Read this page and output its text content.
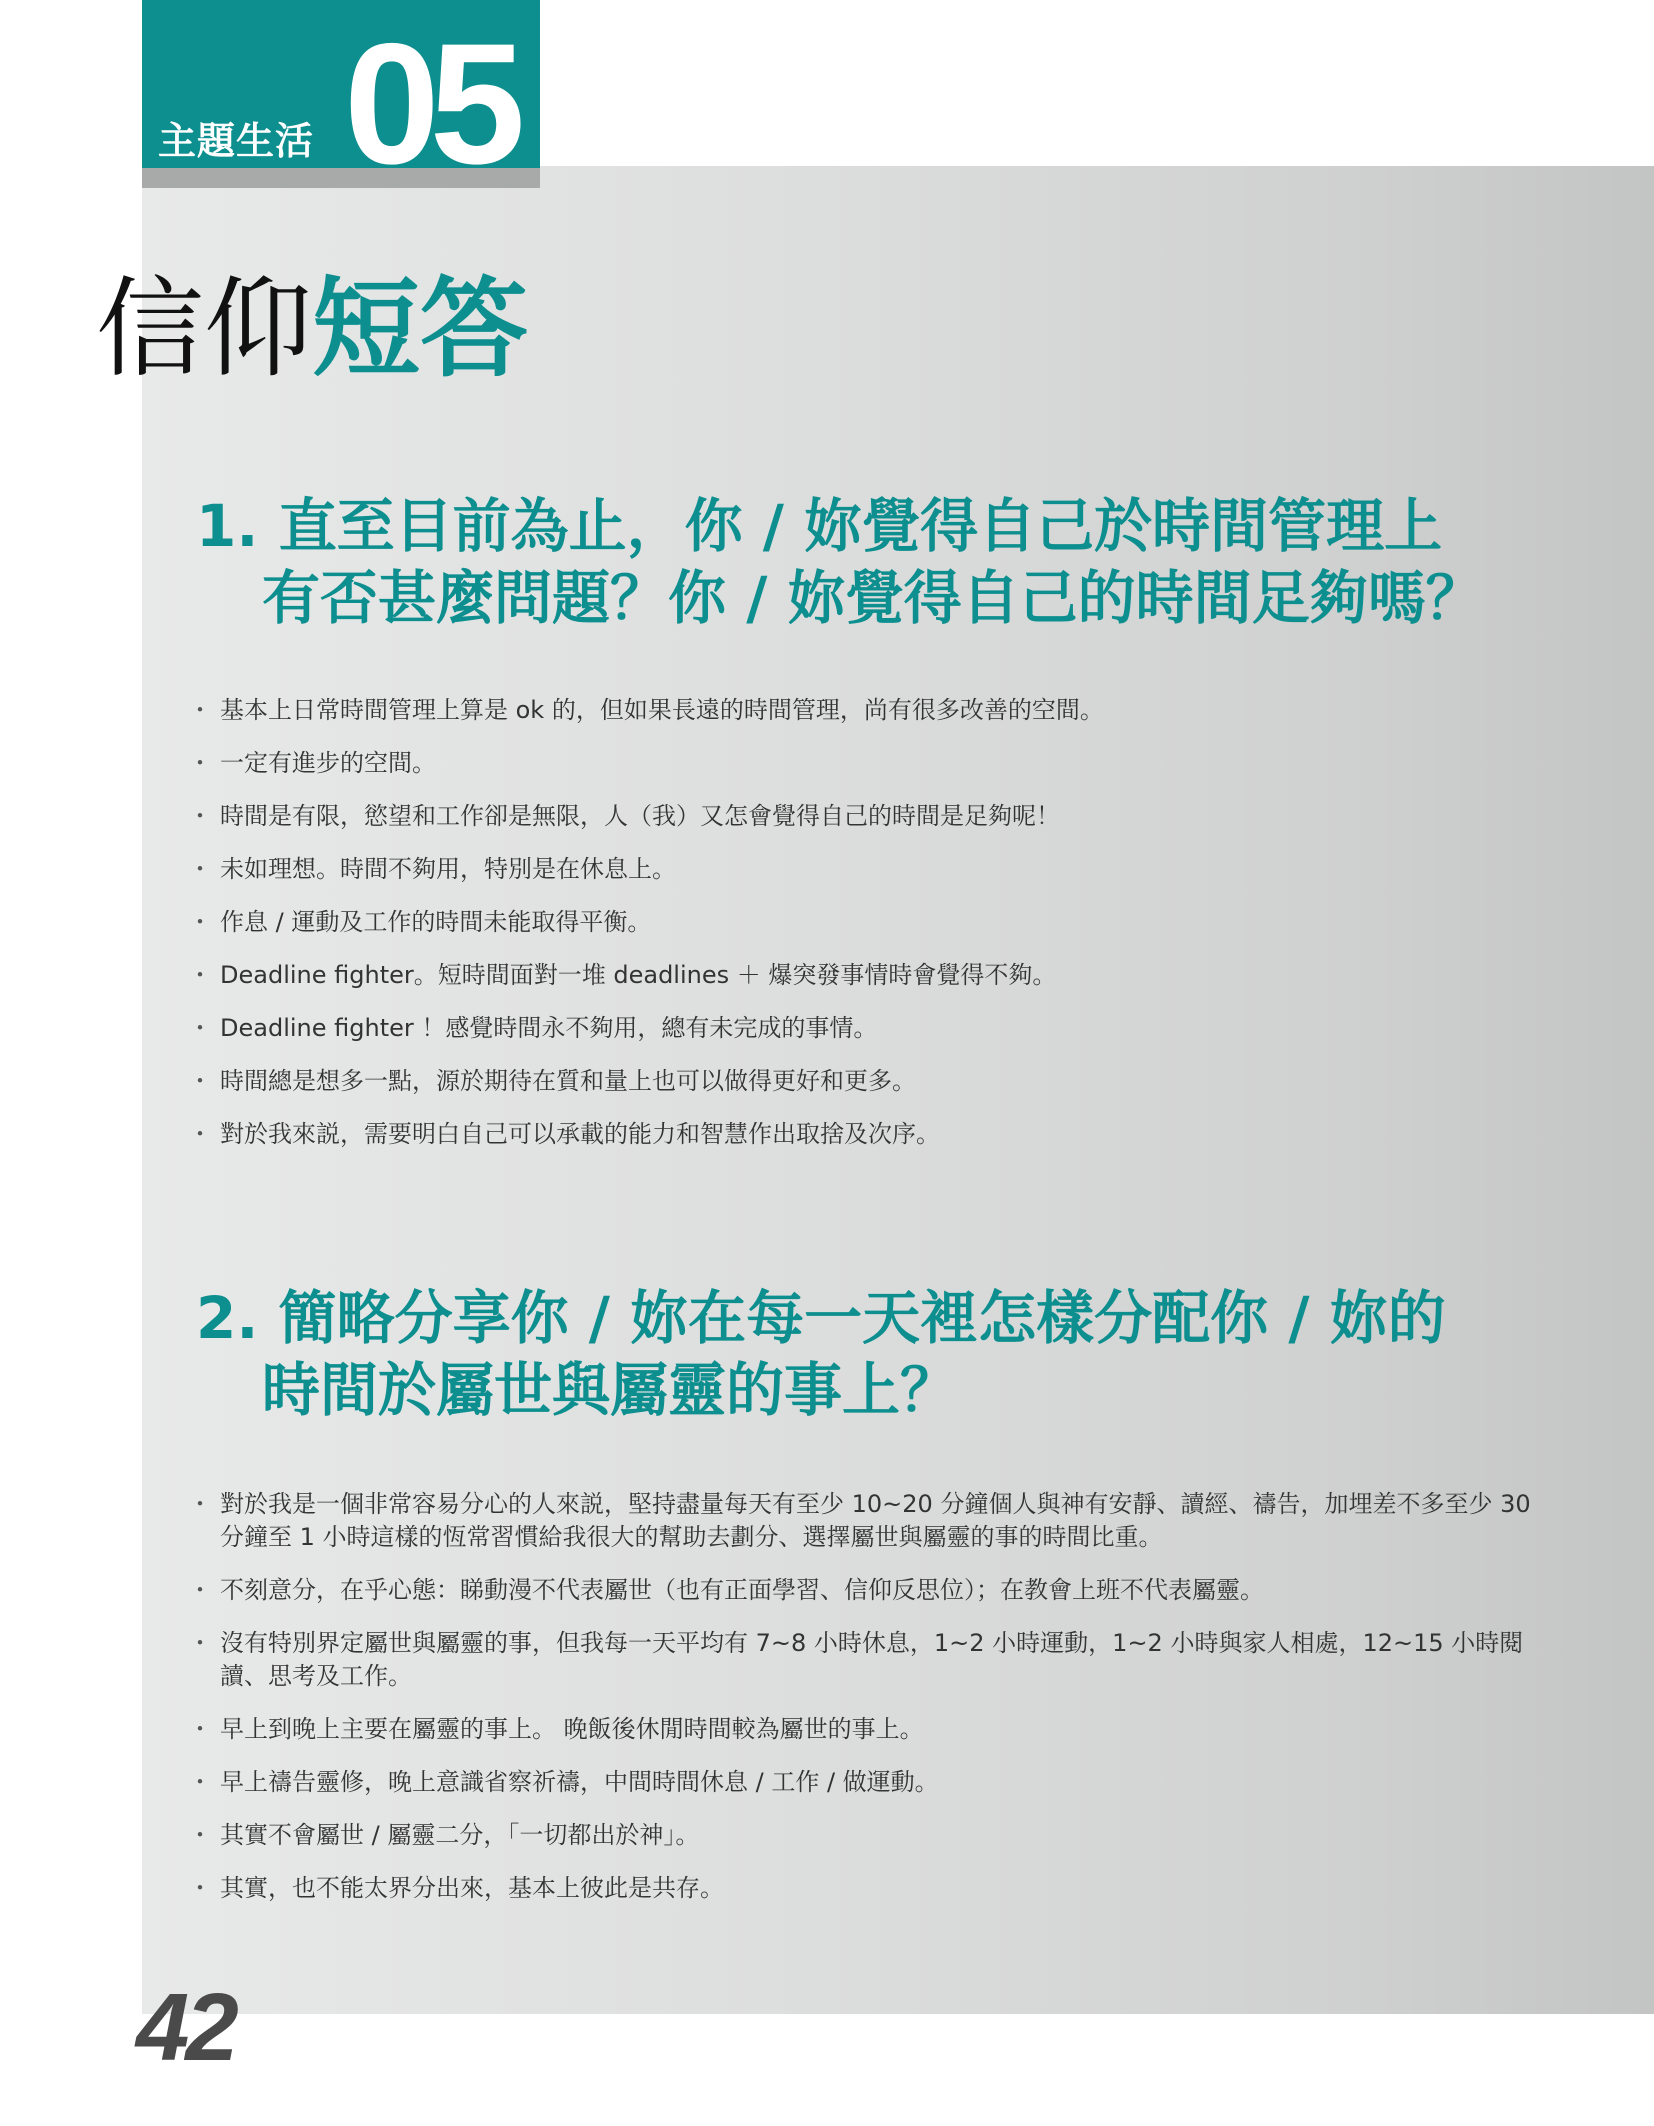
主題生活 05
信仰短答
1. 直至目前為止，你 / 妳覺得自己於時間管理上
有否甚麼問題？你 / 妳覺得自己的時間足夠嗎？
・ 基本上日常時間管理上算是 ok 的，但如果長遠的時間管理，尚有很多改善的空間。
・ 一定有進步的空間。
・ 時間是有限，慾望和工作卻是無限，人（我）又怎會覺得自己的時間是足夠呢！
・ 未如理想。時間不夠用，特別是在休息上。
・ 作息 / 運動及工作的時間未能取得平衡。
・ Deadline fighter。短時間面對一堆 deadlines ＋ 爆突發事情時會覺得不夠。
・ Deadline fighter ！感覺時間永不夠用，總有未完成的事情。
・ 時間總是想多一點，源於期待在質和量上也可以做得更好和更多。
・ 對於我來説，需要明白自己可以承載的能力和智慧作出取捨及次序。
2. 簡略分享你 / 妳在每一天裡怎樣分配你 / 妳的
時間於屬世與屬靈的事上？
・ 對於我是一個非常容易分心的人來説，堅持盡量每天有至少 10~20 分鐘個人與神有安靜、讀經、禱告，加埋差不多至少 30 分鐘至 1 小時這樣的恆常習慣給我很大的幫助去劃分、選擇屬世與屬靈的事的時間比重。
・ 不刻意分，在乎心態：睇動漫不代表屬世（也有正面學習、信仰反思位）；在教會上班不代表屬靈。
・ 沒有特別界定屬世與屬靈的事，但我每一天平均有 7~8 小時休息，1~2 小時運動，1~2 小時與家人相處，12~15 小時閱讀、思考及工作。
・ 早上到晚上主要在屬靈的事上。 晚飯後休閒時間較為屬世的事上。
・ 早上禱告靈修，晚上意識省察祈禱，中間時間休息 / 工作 / 做運動。
・ 其實不會屬世 / 屬靈二分，「一切都出於神」。
・ 其實，也不能太界分出來，基本上彼此是共存。
42
